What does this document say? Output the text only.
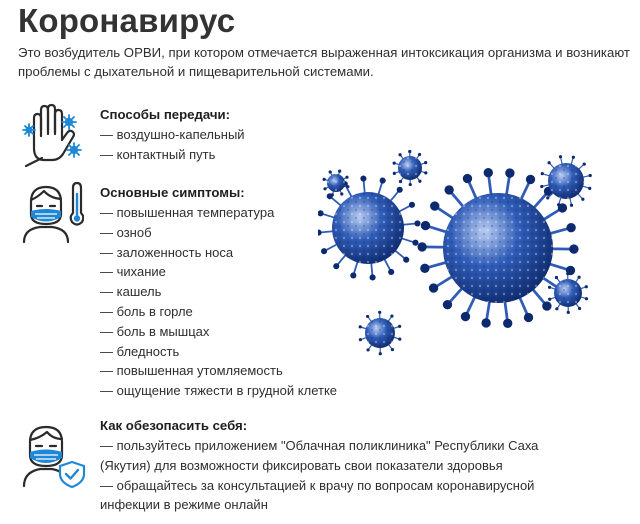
Коронавирус

Это возбудитель ОРВИ, при котором отмечается выраженная интоксикация организма и возникают проблемы с дыхательной и пищеварительной системами.

Способы передачи:
— воздушно-капельный
— контактный путь
Основные симптомы:
— повышенная температура
— озноб
— заложенность носа
— чихание
— кашель
— боль в горле
— боль в мышцах
— бледность
— повышенная утомляемость
— ощущение тяжести в грудной клетке
Как обезопасить себя:
— пользуйтесь приложением "Облачная поликлиника" Республики Саха (Якутия) для возможности фиксировать свои показатели здоровья
— обращайтесь за консультацией к врачу по вопросам коронавирусной инфекции в режиме онлайн
